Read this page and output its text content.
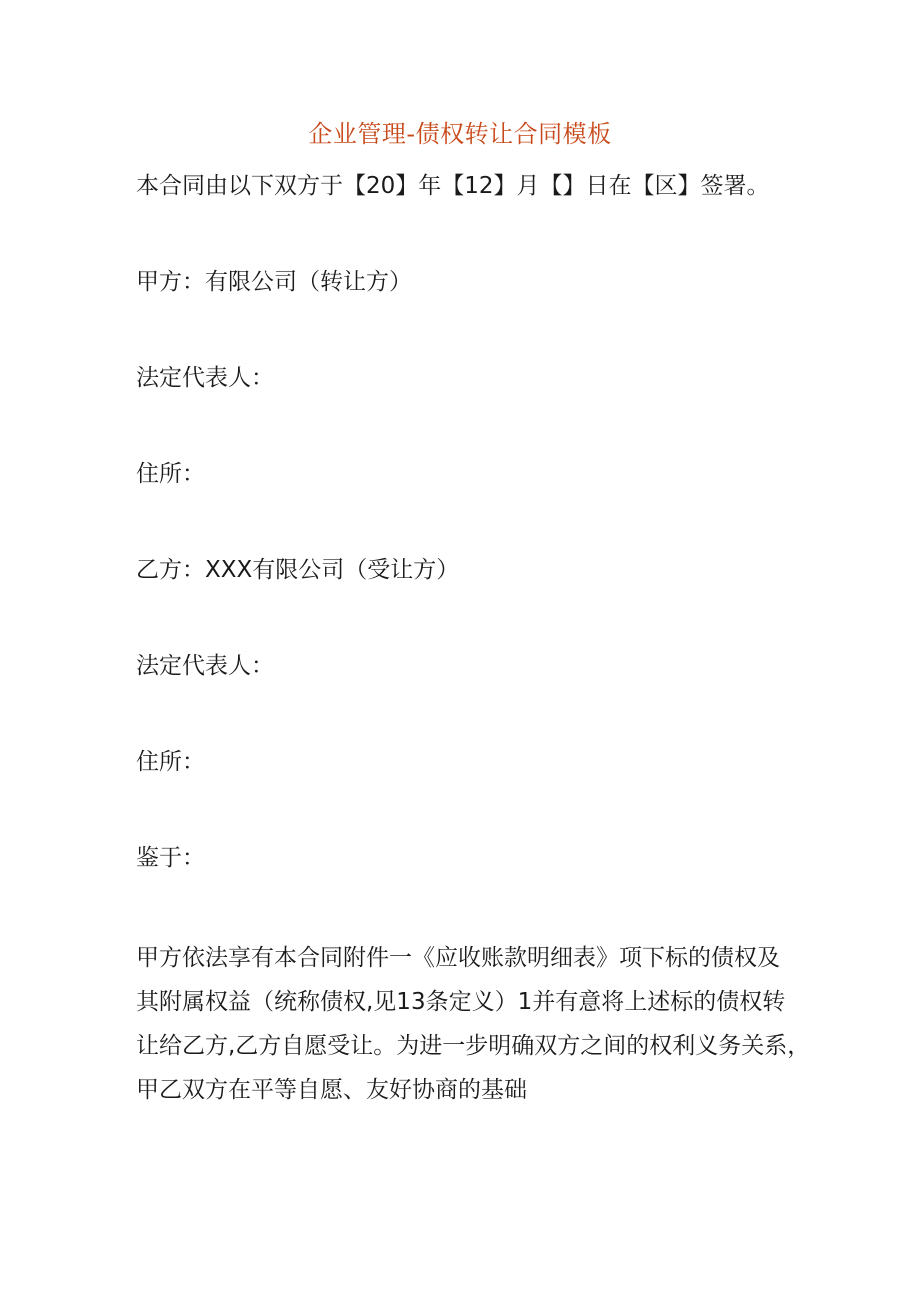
企业管理-债权转让合同模板
本合同由以下双方于【20】年【12】月【】日在【区】签署。
甲方：有限公司（转让方）
法定代表人：
住所：
乙方：XXX有限公司（受让方）
法定代表人：
住所：
鉴于：
甲方依法享有本合同附件一《应收账款明细表》项下标的债权及
其附属权益（统称债权,见13条定义）1并有意将上述标的债权转
让给乙方,乙方自愿受让。为进一步明确双方之间的权利义务关系，
甲乙双方在平等自愿、友好协商的基础
